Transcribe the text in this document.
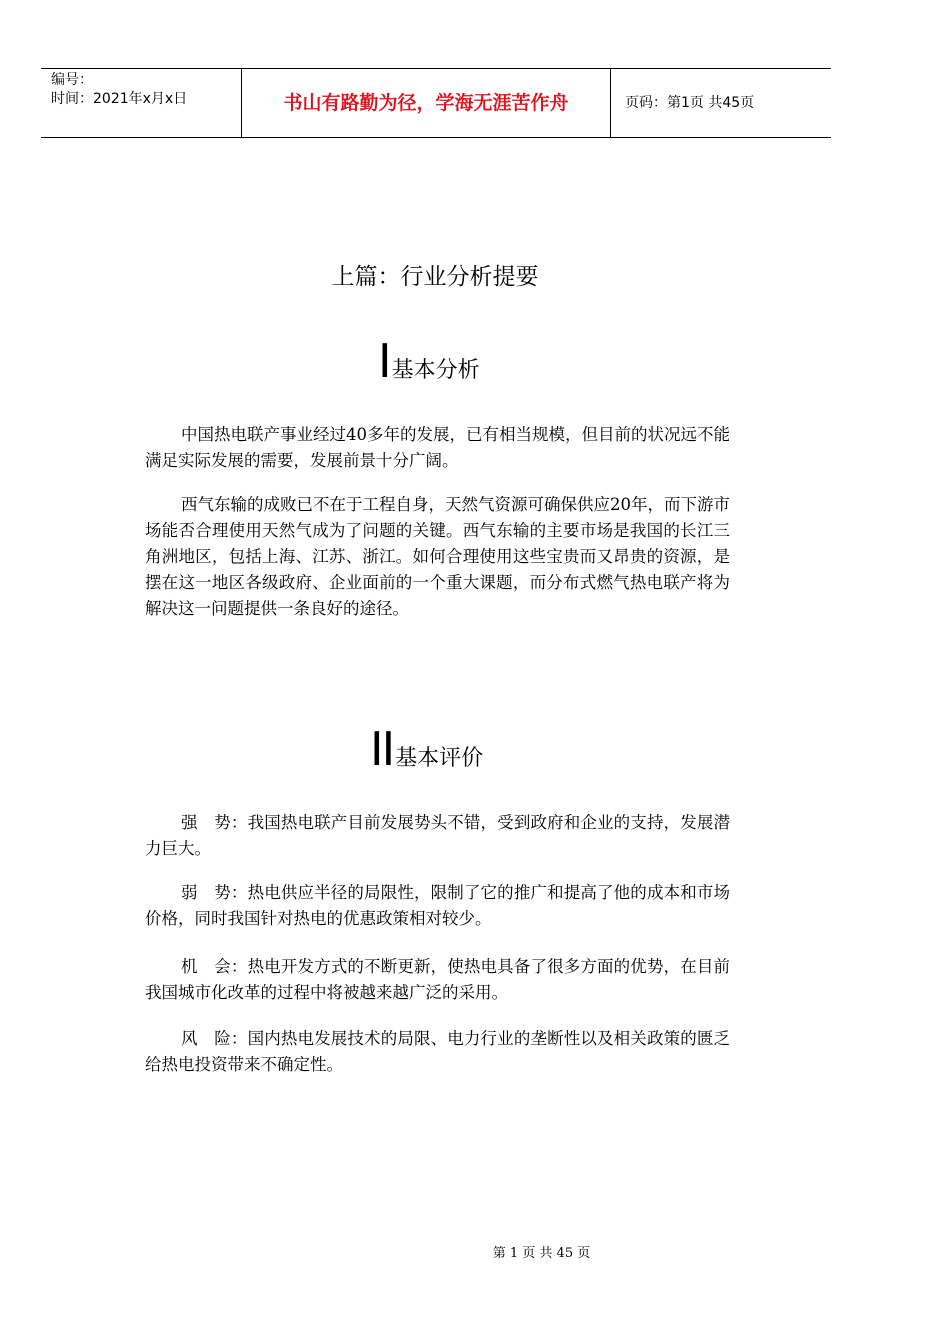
编号：
时间：2021年x月x日	书山有路勤为径，学海无涯苦作舟	页码：第1页 共45页
上篇：行业分析提要
I 基本分析
中国热电联产事业经过40多年的发展，已有相当规模，但目前的状况远不能满足实际发展的需要，发展前景十分广阔。
西气东输的成败已不在于工程自身，天然气资源可确保供应20年，而下游市场能否合理使用天然气成为了问题的关键。西气东输的主要市场是我国的长江三角洲地区，包括上海、江苏、浙江。如何合理使用这些宝贵而又昂贵的资源，是摆在这一地区各级政府、企业面前的一个重大课题，而分布式燃气热电联产将为解决这一问题提供一条良好的途径。
II 基本评价
强　势：我国热电联产目前发展势头不错，受到政府和企业的支持，发展潜力巨大。
弱　势：热电供应半径的局限性，限制了它的推广和提高了他的成本和市场价格，同时我国针对热电的优惠政策相对较少。
机　会：热电开发方式的不断更新，使热电具备了很多方面的优势，在目前我国城市化改革的过程中将被越来越广泛的采用。
风　险：国内热电发展技术的局限、电力行业的垄断性以及相关政策的匮乏给热电投资带来不确定性。
第 1 页 共 45 页
